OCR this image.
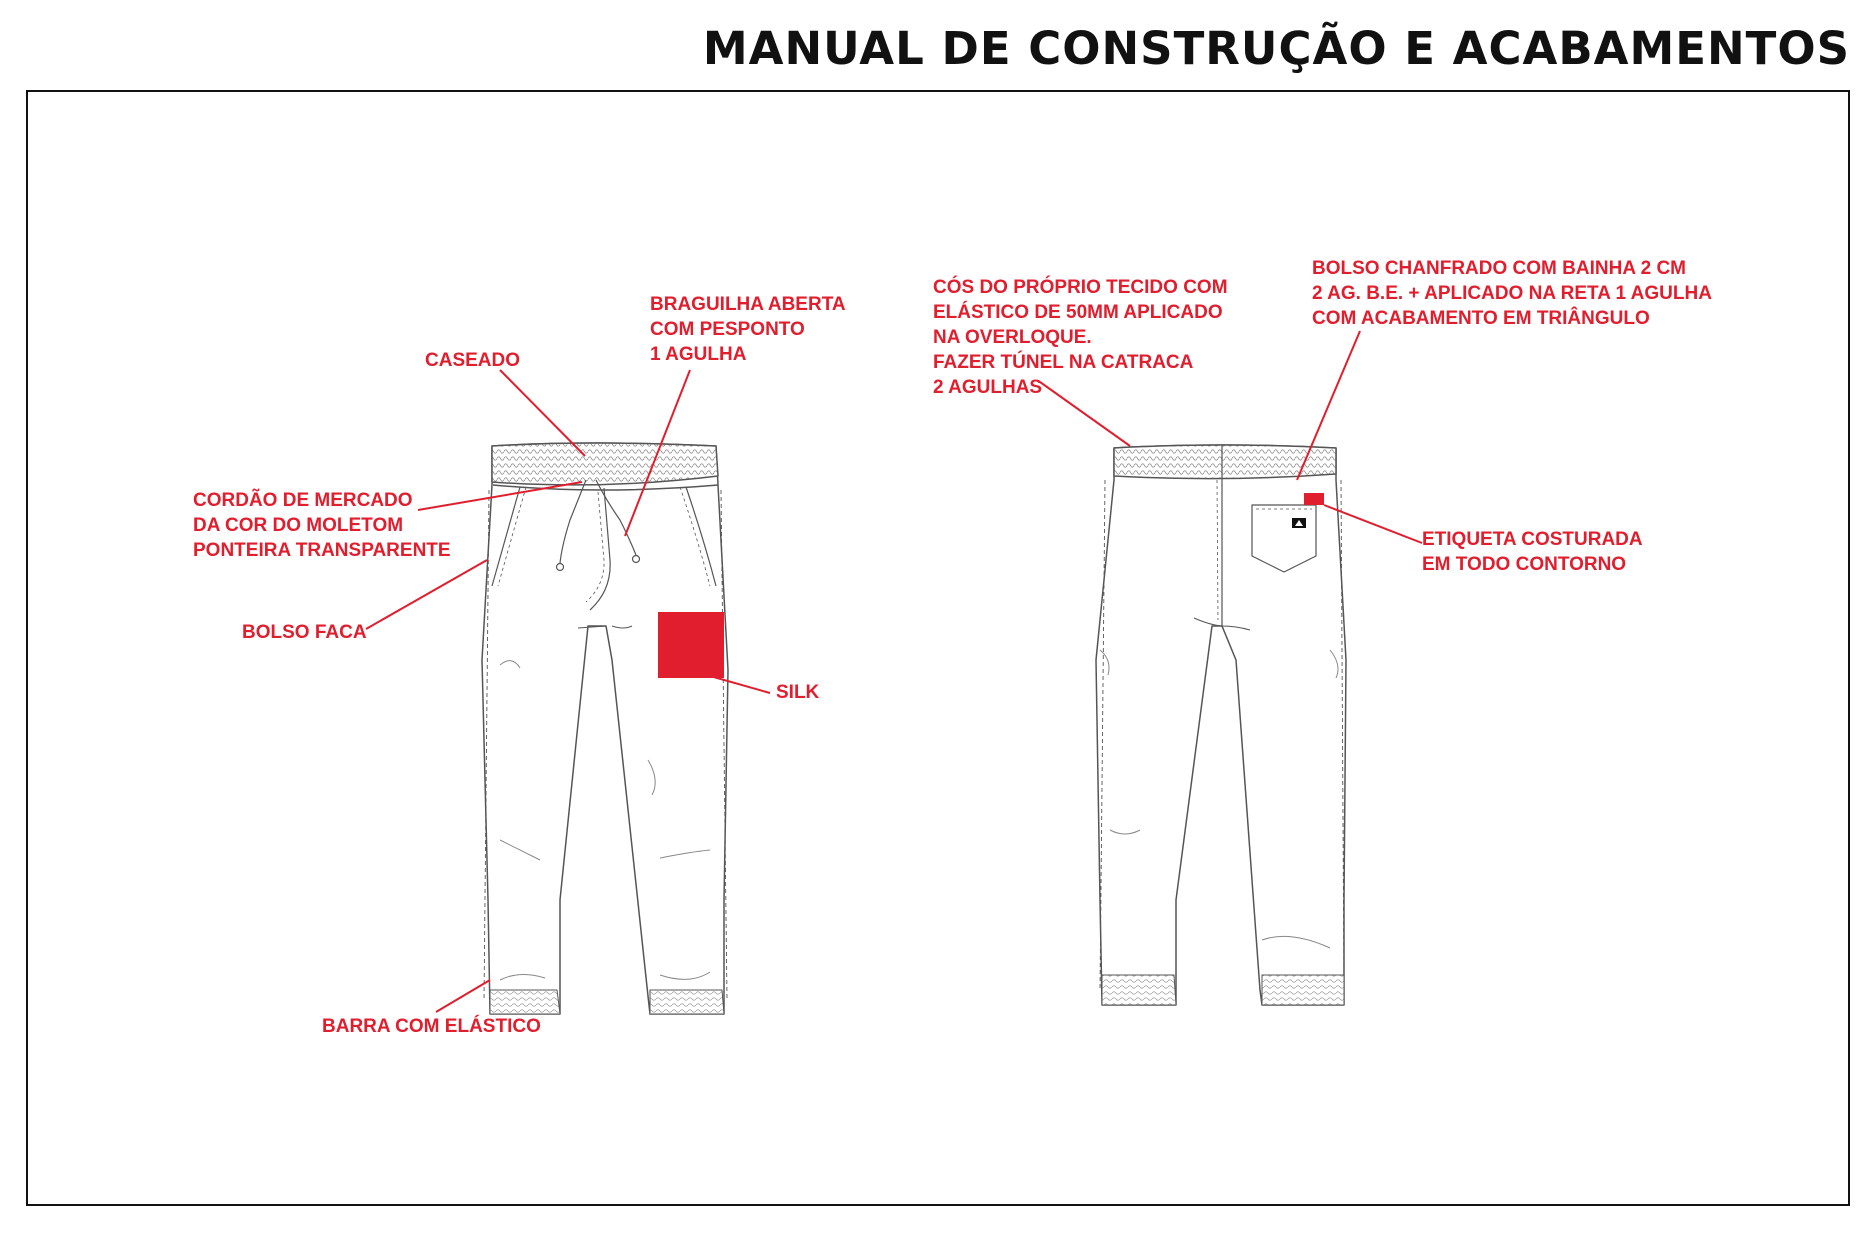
MANUAL DE CONSTRUÇÃO E ACABAMENTOS
CASEADO
BRAGUILHA ABERTA
COM PESPONTO
1 AGULHA
CORDÃO DE MERCADO
DA COR DO MOLETOM
PONTEIRA TRANSPARENTE
BOLSO FACA
SILK
BARRA COM ELÁSTICO
CÓS DO PRÓPRIO TECIDO COM
ELÁSTICO DE 50MM APLICADO
NA OVERLOQUE.
FAZER TÚNEL NA CATRACA
2 AGULHAS
BOLSO CHANFRADO COM BAINHA 2 CM
2 AG. B.E. + APLICADO NA RETA 1 AGULHA
COM ACABAMENTO EM TRIÂNGULO
ETIQUETA COSTURADA
EM TODO CONTORNO
